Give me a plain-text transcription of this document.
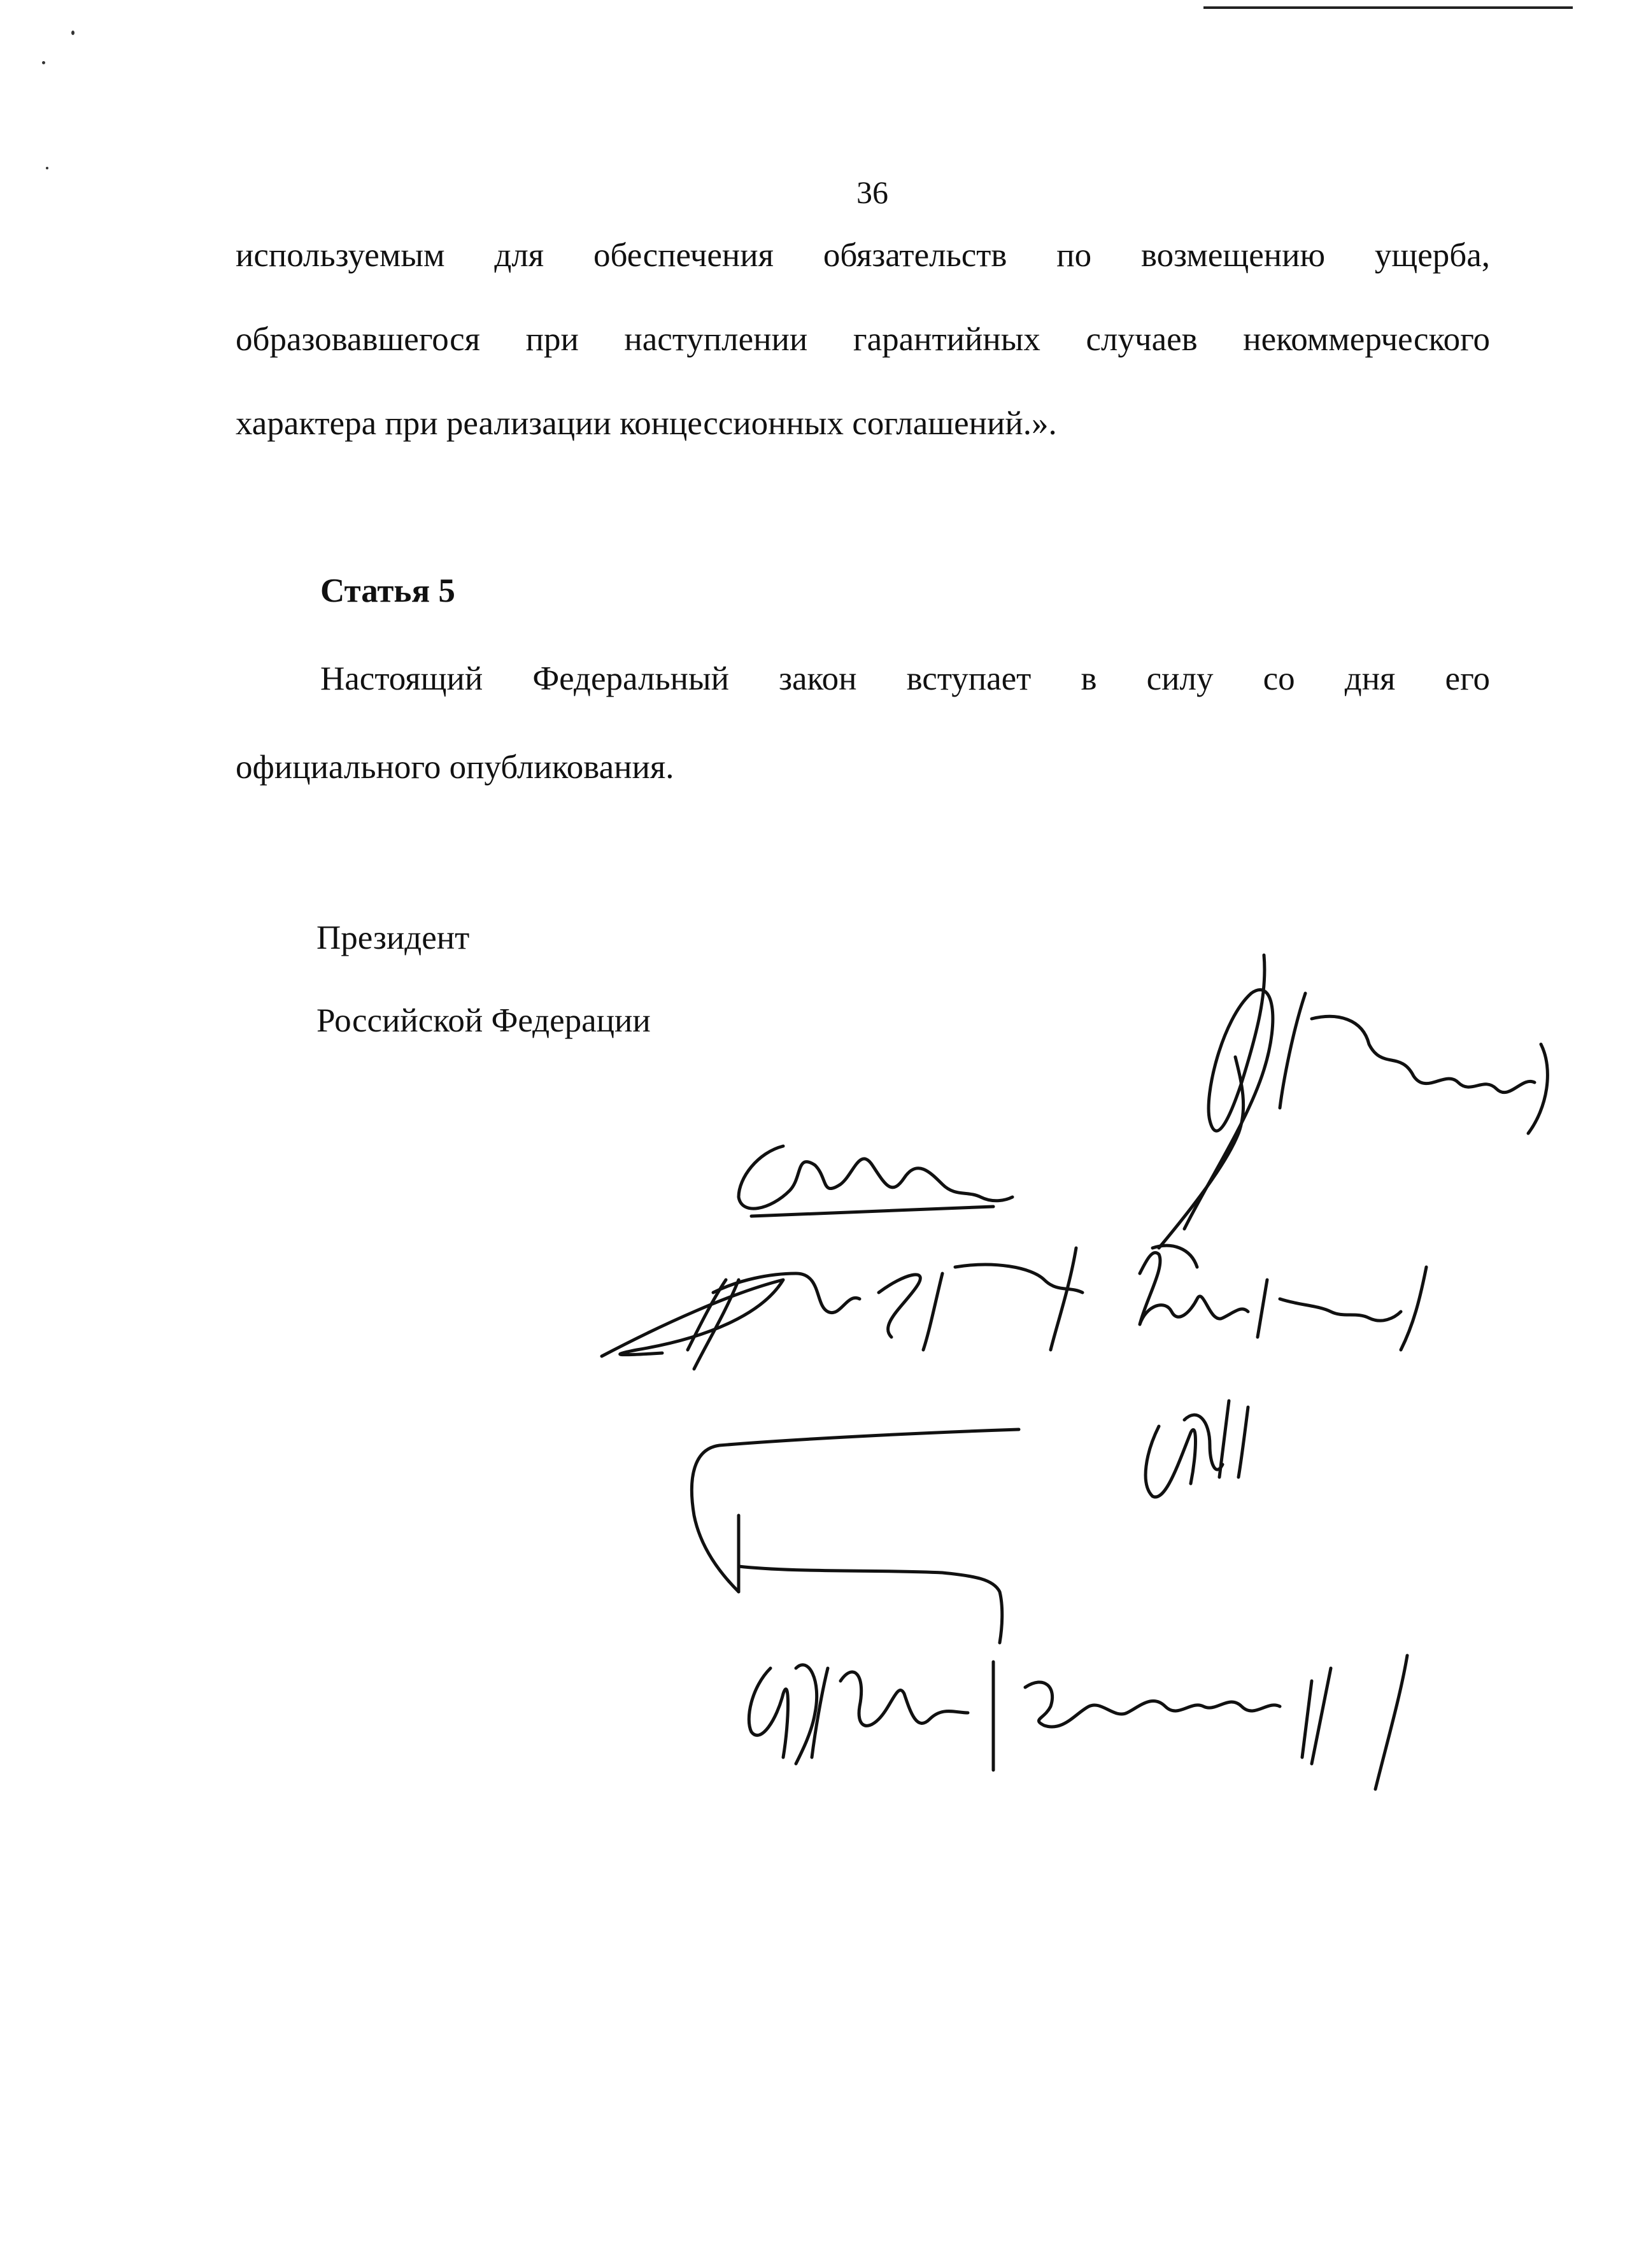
36
используемым для обеспечения обязательств по возмещению ущерба,
образовавшегося при наступлении гарантийных случаев некоммерческого
характера при реализации концессионных соглашений.».
Статья 5
Настоящий Федеральный закон вступает в силу со дня его
официального опубликования.
Президент
Российской Федерации
